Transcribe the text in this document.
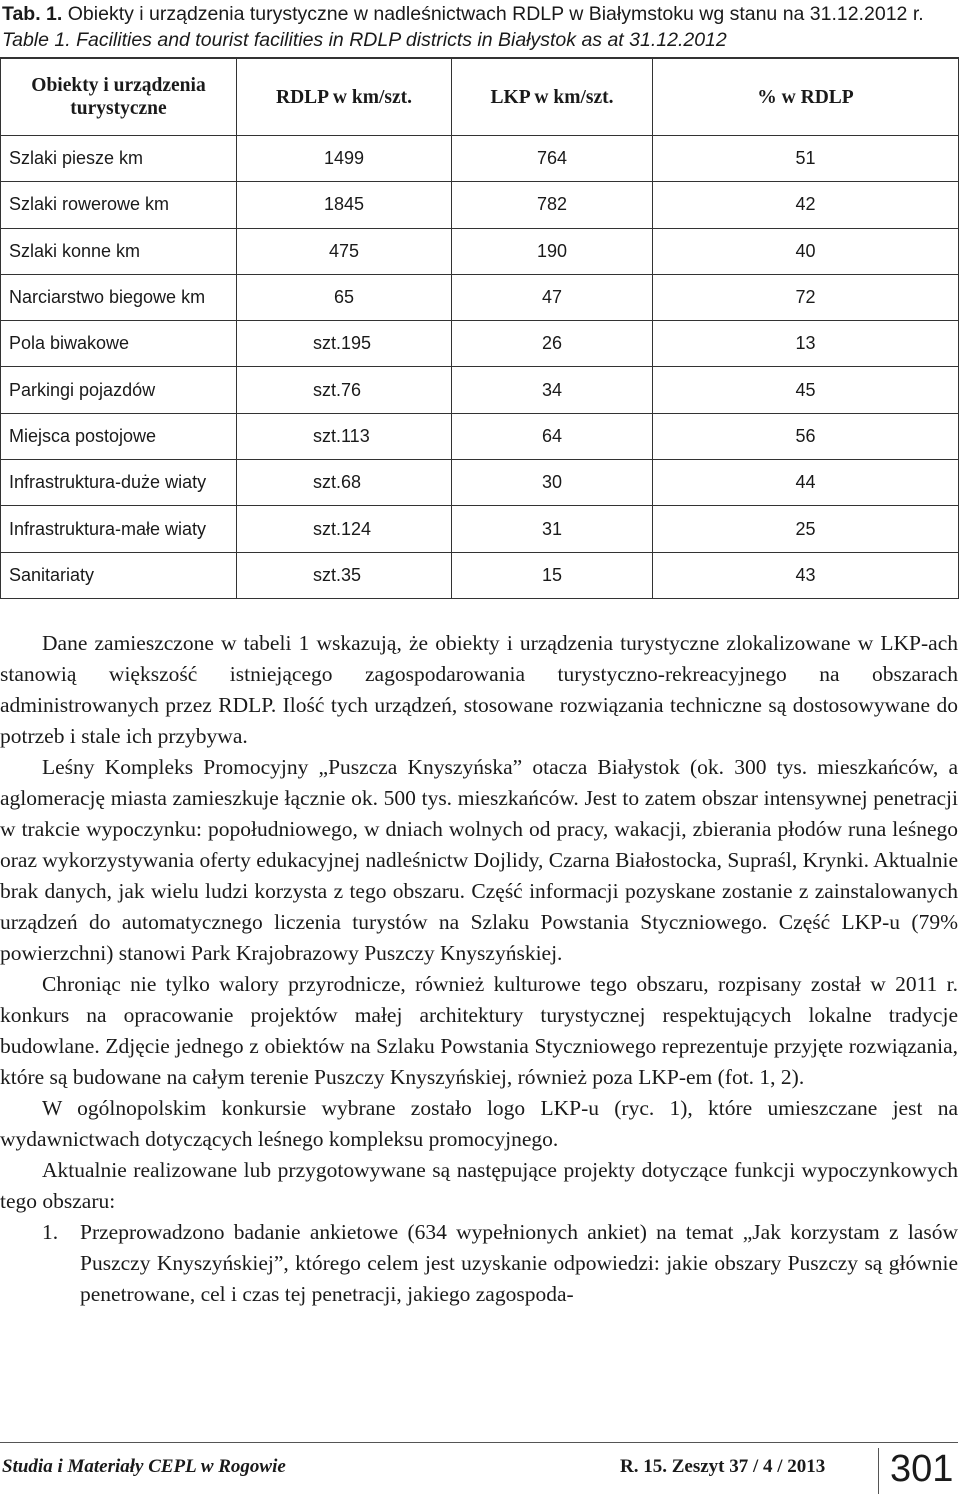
Tab. 1. Obiekty i urządzenia turystyczne w nadleśnictwach RDLP w Białymstoku wg stanu na 31.12.2012 r.
Table 1. Facilities and tourist facilities in RDLP districts in Białystok as at 31.12.2012
Obiekty i urządzenia turystyczne	RDLP w km/szt.	LKP w km/szt.	% w RDLP
Szlaki piesze km	1499	764	51
Szlaki rowerowe km	1845	782	42
Szlaki konne km	475	190	40
Narciarstwo biegowe km	65	47	72
Pola biwakowe	szt.195	26	13
Parkingi pojazdów	szt.76	34	45
Miejsca postojowe	szt.113	64	56
Infrastruktura-duże wiaty	szt.68	30	44
Infrastruktura-małe wiaty	szt.124	31	25
Sanitariaty	szt.35	15	43

Dane zamieszczone w tabeli 1 wskazują, że obiekty i urządzenia turystyczne zlokalizowane w LKP-ach stanowią większość istniejącego zagospodarowania turystyczno-rekreacyjnego na obszarach administrowanych przez RDLP. Ilość tych urządzeń, stosowane rozwiązania techniczne są dostosowywane do potrzeb i stale ich przybywa.

Leśny Kompleks Promocyjny „Puszcza Knyszyńska” otacza Białystok (ok. 300 tys. mieszkańców, a aglomerację miasta zamieszkuje łącznie ok. 500 tys. mieszkańców. Jest to zatem obszar intensywnej penetracji w trakcie wypoczynku: popołudniowego, w dniach wolnych od pracy, wakacji, zbierania płodów runa leśnego oraz wykorzystywania oferty edukacyjnej nadleśnictw Dojlidy, Czarna Białostocka, Supraśl, Krynki. Aktualnie brak danych, jak wielu ludzi korzysta z tego obszaru. Część informacji pozyskane zostanie z zainstalowanych urządzeń do automatycznego liczenia turystów na Szlaku Powstania Styczniowego. Część LKP-u (79% powierzchni) stanowi Park Krajobrazowy Puszczy Knyszyńskiej.

Chroniąc nie tylko walory przyrodnicze, również kulturowe tego obszaru, rozpisany został w 2011 r. konkurs na opracowanie projektów małej architektury turystycznej respektujących lokalne tradycje budowlane. Zdjęcie jednego z obiektów na Szlaku Powstania Styczniowego reprezentuje przyjęte rozwiązania, które są budowane na całym terenie Puszczy Knyszyńskiej, również poza LKP-em (fot. 1, 2).

W ogólnopolskim konkursie wybrane zostało logo LKP-u (ryc. 1), które umieszczane jest na wydawnictwach dotyczących leśnego kompleksu promocyjnego.

Aktualnie realizowane lub przygotowywane są następujące projekty dotyczące funkcji wypoczynkowych tego obszaru:

1. Przeprowadzono badanie ankietowe (634 wypełnionych ankiet) na temat „Jak korzystam z lasów Puszczy Knyszyńskiej”, którego celem jest uzyskanie odpowiedzi: jakie obszary Puszczy są głównie penetrowane, cel i czas tej penetracji, jakiego zagospoda-
Studia i Materiały CEPL w Rogowie	R. 15. Zeszyt 37 / 4 / 2013 301
